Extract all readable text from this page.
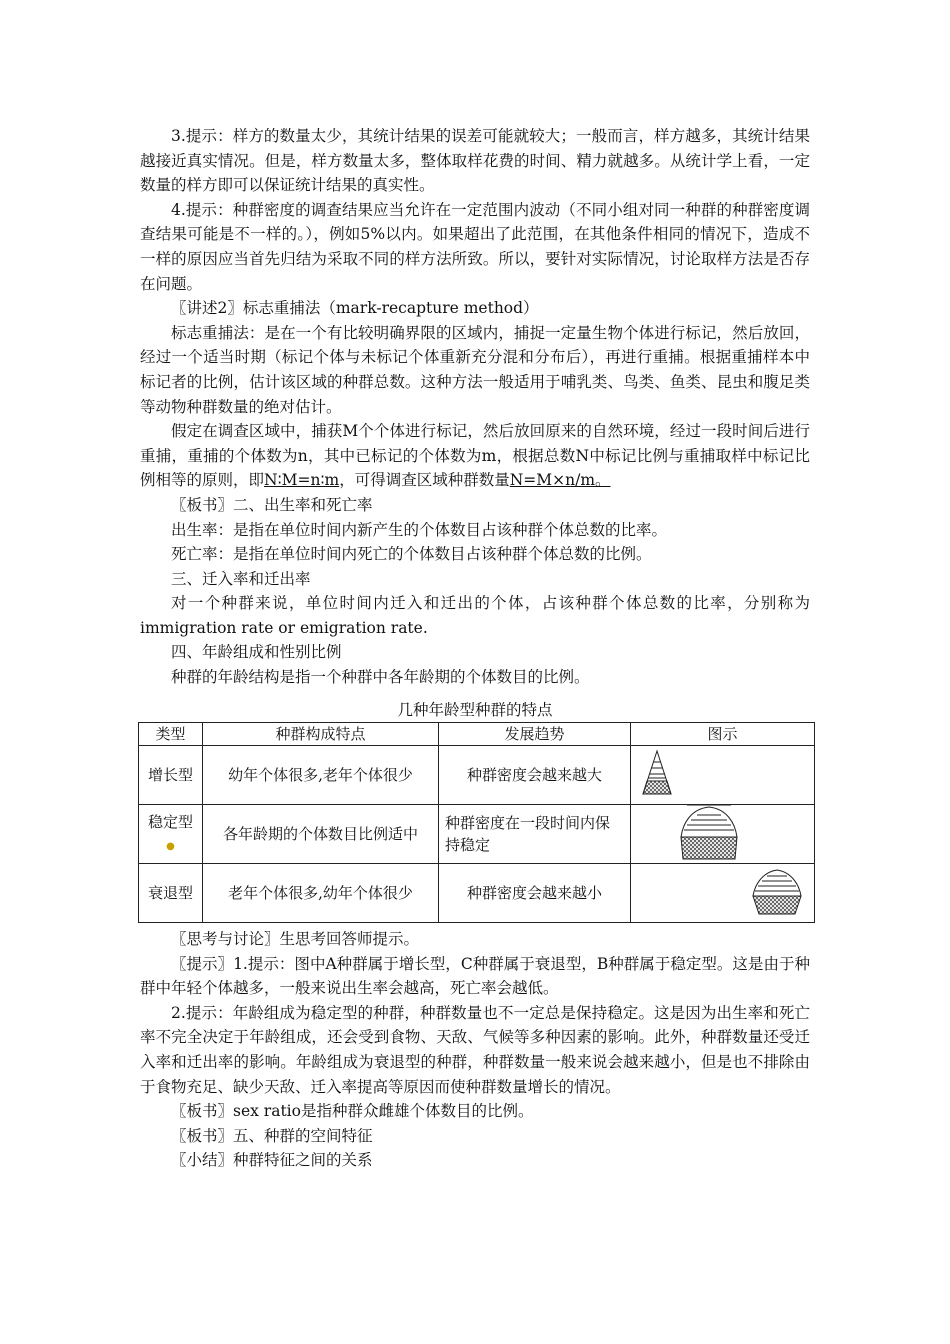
3.提示：样方的数量太少，其统计结果的误差可能就较大；一般而言，样方越多，其统计结果越接近真实情况。但是，样方数量太多，整体取样花费的时间、精力就越多。从统计学上看，一定数量的样方即可以保证统计结果的真实性。

4.提示：种群密度的调查结果应当允许在一定范围内波动（不同小组对同一种群的种群密度调查结果可能是不一样的。），例如5%以内。如果超出了此范围，在其他条件相同的情况下，造成不一样的原因应当首先归结为采取不同的样方法所致。所以，要针对实际情况，讨论取样方法是否存在问题。

〖讲述2〗标志重捕法（mark-recapture method）

标志重捕法：是在一个有比较明确界限的区域内，捕捉一定量生物个体进行标记，然后放回，经过一个适当时期（标记个体与未标记个体重新充分混和分布后），再进行重捕。根据重捕样本中标记者的比例，估计该区域的种群总数。这种方法一般适用于哺乳类、鸟类、鱼类、昆虫和腹足类等动物种群数量的绝对估计。

假定在调查区域中，捕获M个个体进行标记，然后放回原来的自然环境，经过一段时间后进行重捕，重捕的个体数为n，其中已标记的个体数为m，根据总数N中标记比例与重捕取样中标记比例相等的原则，即N∶M=n∶m，可得调查区域种群数量N=M×n/m。

〖板书〗二、出生率和死亡率

出生率：是指在单位时间内新产生的个体数目占该种群个体总数的比率。

死亡率：是指在单位时间内死亡的个体数目占该种群个体总数的比例。

三、迁入率和迁出率

对一个种群来说，单位时间内迁入和迁出的个体，占该种群个体总数的比率，分别称为immigration rate or emigration rate.

四、年龄组成和性别比例

种群的年龄结构是指一个种群中各年龄期的个体数目的比例。

几种年龄型种群的特点
类型	种群构成特点	发展趋势	图示
增长型	幼年个体很多,老年个体很少	种群密度会越来越大	

稳定型●	各年龄期的个体数目比例适中	种群密度在一段时间内保持稳定	

衰退型	老年个体很多,幼年个体很少	种群密度会越来越小	

〖思考与讨论〗生思考回答师提示。

〖提示〗1.提示：图中A种群属于增长型，C种群属于衰退型，B种群属于稳定型。这是由于种群中年轻个体越多，一般来说出生率会越高，死亡率会越低。

2.提示：年龄组成为稳定型的种群，种群数量也不一定总是保持稳定。这是因为出生率和死亡率不完全决定于年龄组成，还会受到食物、天敌、气候等多种因素的影响。此外，种群数量还受迁入率和迁出率的影响。年龄组成为衰退型的种群，种群数量一般来说会越来越小，但是也不排除由于食物充足、缺少天敌、迁入率提高等原因而使种群数量增长的情况。

〖板书〗sex ratio是指种群众雌雄个体数目的比例。

〖板书〗五、种群的空间特征

〖小结〗种群特征之间的关系
